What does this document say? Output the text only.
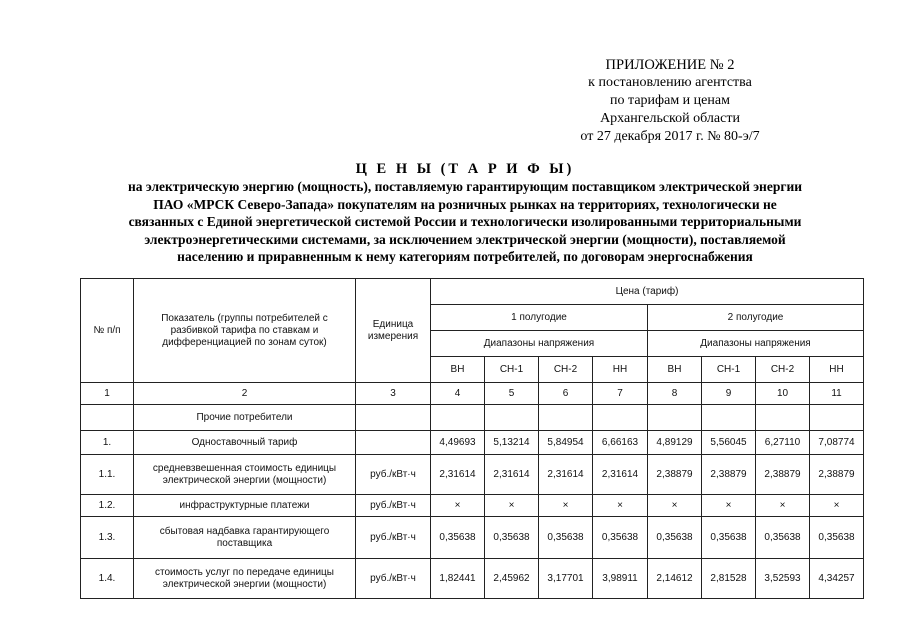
ПРИЛОЖЕНИЕ № 2
к постановлению агентства
по тарифам и ценам
Архангельской области
от 27 декабря 2017 г. № 80-э/7
Ц Е Н Ы (Т А Р И Ф Ы)
на электрическую энергию (мощность), поставляемую гарантирующим поставщиком электрической энергии
ПАО «МРСК Северо-Запада» покупателям на розничных рынках на территориях, технологически не
связанных с Единой энергетической системой России и технологически изолированными территориальными
электроэнергетическими системами, за исключением электрической энергии (мощности), поставляемой
населению и приравненным к нему категориям потребителей, по договорам энергоснабжения
№ п/п	Показатель (группы потребителей с разбивкой тарифа по ставкам и дифференциацией по зонам суток)	Единица измерения	Цена (тариф)							
			1 полугодие				2 полугодие			
			Диапазоны напряжения				Диапазоны напряжения			
			ВН	СН-1	СН-2	НН	ВН	СН-1	СН-2	НН
1	2	3	4	5	6	7	8	9	10	11
	Прочие потребители									
1.	Одноставочный тариф		4,49693	5,13214	5,84954	6,66163	4,89129	5,56045	6,27110	7,08774
1.1.	средневзвешенная стоимость единицы электрической энергии (мощности)	руб./кВт·ч	2,31614	2,31614	2,31614	2,31614	2,38879	2,38879	2,38879	2,38879
1.2.	инфраструктурные платежи	руб./кВт·ч	×	×	×	×	×	×	×	×
1.3.	сбытовая надбавка гарантирующего поставщика	руб./кВт·ч	0,35638	0,35638	0,35638	0,35638	0,35638	0,35638	0,35638	0,35638
1.4.	стоимость услуг по передаче единицы электрической энергии (мощности)	руб./кВт·ч	1,82441	2,45962	3,17701	3,98911	2,14612	2,81528	3,52593	4,34257
